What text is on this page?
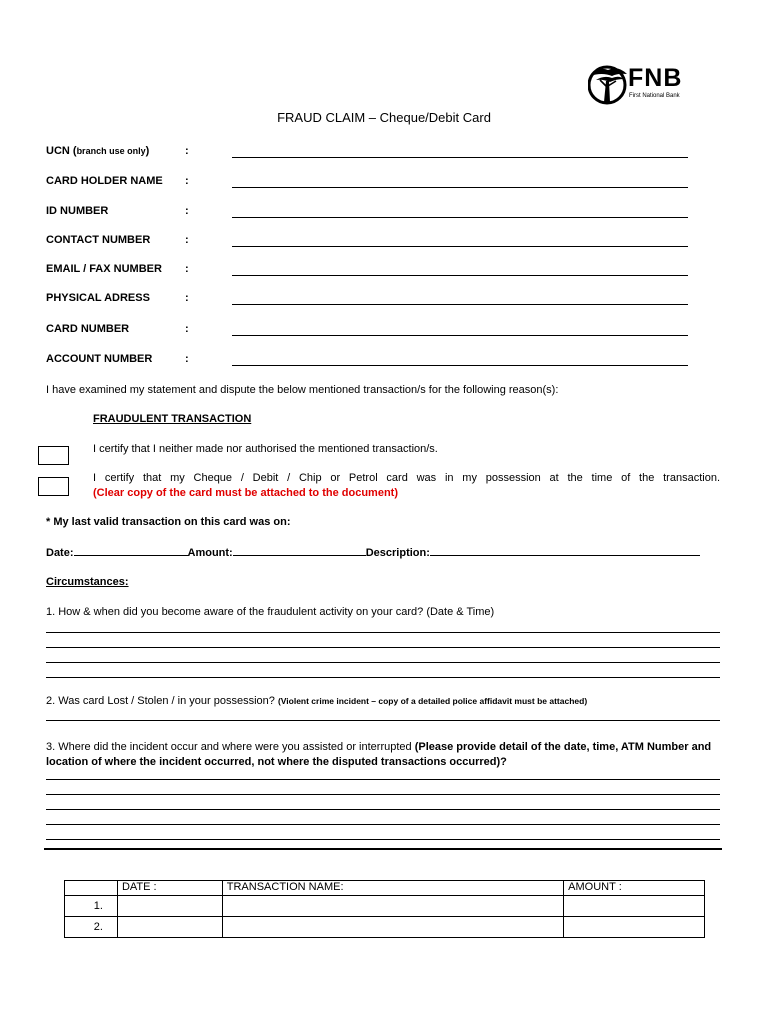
FNB
First National Bank
FRAUD CLAIM – Cheque/Debit Card
UCN (branch use only)	:
CARD HOLDER NAME :
ID NUMBER	:
CONTACT NUMBER	:
EMAIL / FAX NUMBER :
PHYSICAL ADRESS	:
CARD NUMBER	:
ACCOUNT NUMBER	:
I have examined my statement and dispute the below mentioned transaction/s for the following reason(s):
FRAUDULENT TRANSACTION
I certify that I neither made nor authorised the mentioned transaction/s.
I certify that my Cheque / Debit / Chip or Petrol card was in my possession at the time of the transaction.
(Clear copy of the card must be attached to the document)
* My last valid transaction on this card was on:
Date:	Amount:	Description:
Circumstances:
1. How & when did you become aware of the fraudulent activity on your card? (Date & Time)
2. Was card Lost / Stolen / in your possession? (Violent crime incident – copy of a detailed police affidavit must be attached)
3. Where did the incident occur and where were you assisted or interrupted (Please provide detail of the date, time, ATM Number and location of where the incident occurred, not where the disputed transactions occurred)?
	DATE :	TRANSACTION NAME:	AMOUNT :
1.			
2.			
